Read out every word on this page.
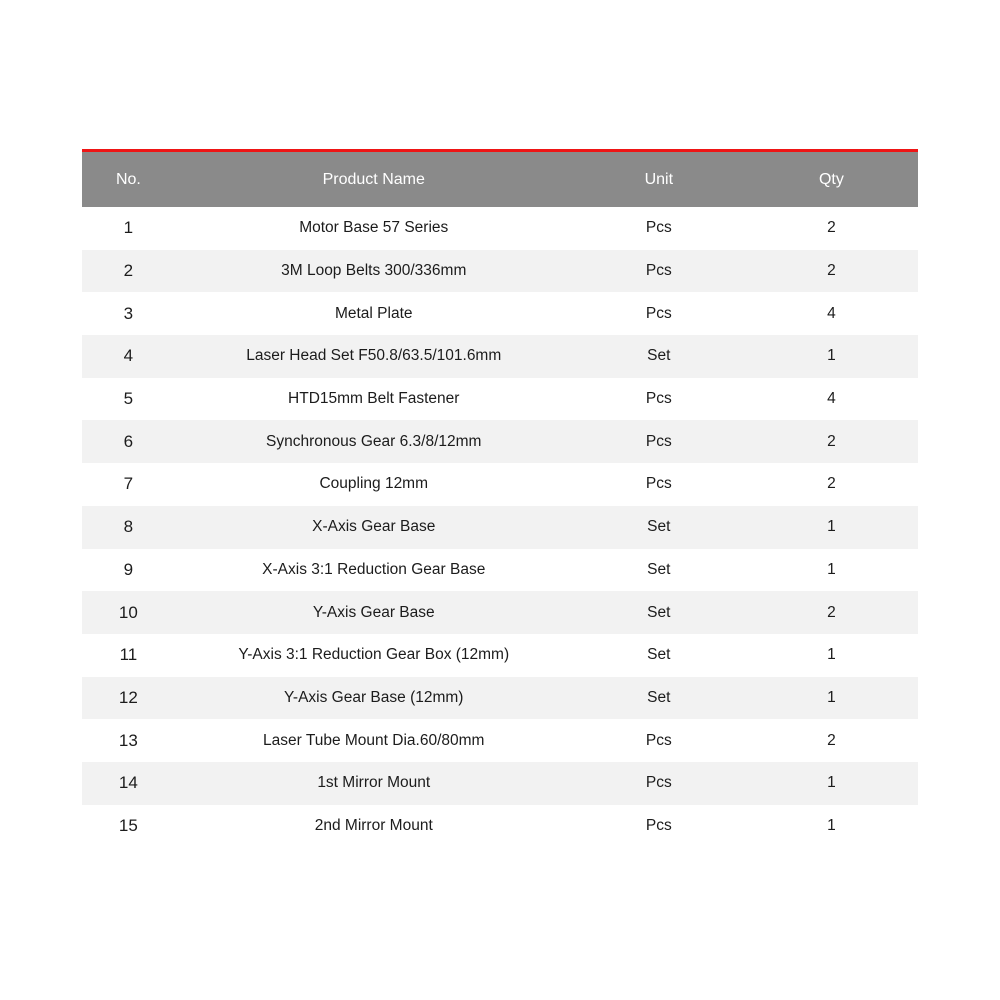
No.	Product Name	Unit	Qty
1	Motor Base 57 Series	Pcs	2
2	3M Loop Belts 300/336mm	Pcs	2
3	Metal Plate	Pcs	4
4	Laser Head Set F50.8/63.5/101.6mm	Set	1
5	HTD15mm Belt Fastener	Pcs	4
6	Synchronous Gear 6.3/8/12mm	Pcs	2
7	Coupling 12mm	Pcs	2
8	X-Axis Gear Base	Set	1
9	X-Axis 3:1 Reduction Gear Base	Set	1
10	Y-Axis Gear Base	Set	2
11	Y-Axis 3:1 Reduction Gear Box (12mm)	Set	1
12	Y-Axis Gear Base (12mm)	Set	1
13	Laser Tube Mount Dia.60/80mm	Pcs	2
14	1st Mirror Mount	Pcs	1
15	2nd Mirror Mount	Pcs	1
